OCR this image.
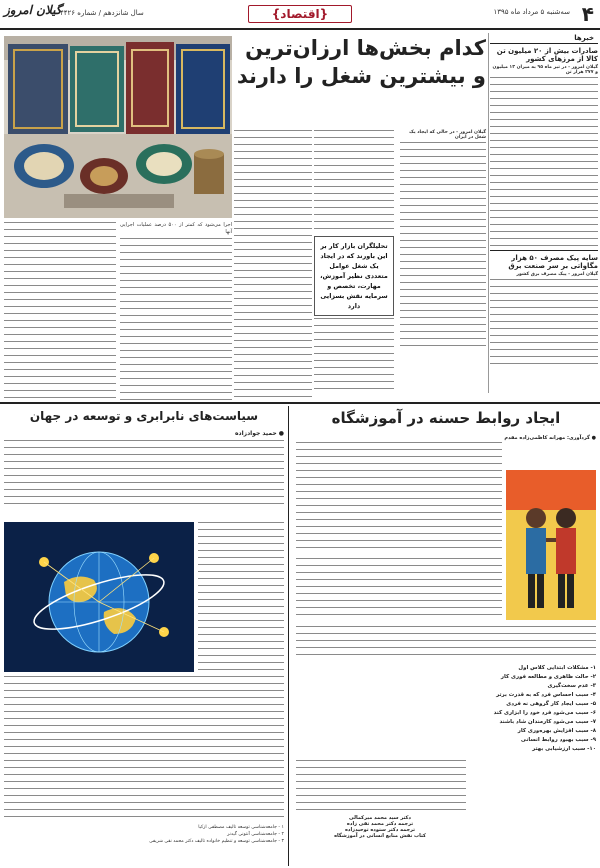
۴
سه‌شنبه ۵ مرداد ماه ۱۳۹۵
{اقتصاد}
سال شانزدهم / شماره ۴۴۲۶
گیلان امروز
خبرها
صادرات بیش از ۲۰ میلیون تن کالا از مرزهای کشور
گیلان امروز - در تیر ماه ۹۵ به میزان ۱۳ میلیون و ۲۷۷ هزار تن
سایه پیک مصرف ۵۰ هزار مگاواتی بر سر صنعت برق
گیلان امروز - پیک مصرف برق کشور
کدام بخش‌ها ارزان‌ترین
و بیشترین شغل را دارند
گیلان امروز - در حالی که ایجاد یک شغل در ایران
تحلیلگران بازار کار بر این باورند که در ایجاد یک شغل عوامل متعددی نظیر آموزش، مهارت، تخصص و سرمایه نقش بسزایی دارد
اجرا می‌شود که کمتر از ۵۰۰ درصد عملیات اجرایی آنها
سیاست‌های نابرابری و توسعه در جهان
● حمید جوادزاده
۱ - جامعه‌شناسی توسعه تالیف مصطفی ازکیا
۲ - جامعه‌شناسی آنتونی گیدنز
۳ - جامعه‌شناسی توسعه و تنظیم خانواده تالیف دکتر محمد نقی شریفی
ایجاد روابط حسنه در آموزشگاه
● گردآوری: مهرانه کاظمی‌زاده مقدم
۱- مشکلات ابتدایی کلاس اول
۲- حالت ظاهری و مطالعه فوری کار
۳- عدم سخت‌گیری
۴- سبب احساس فرد که به قدرت برتر
۵- سبب ایجاد کار گروهی نه فردی
۶- سبب می‌شود فرد خود را ابزاری کند
۷- سبب می‌شود کارمندان شاد باشند
۸- سبب افزایش بهره‌وری کار
۹- سبب بهبود روابط انسانی
۱۰- سبب ارزشیابی بهتر
دکتر سید محمد میرکمالی
ترجمه دکتر محمد تقی زاده
ترجمه دکتر ستوده توحید‌زاده
کتاب نقش منابع انسانی در آموزشگاه
